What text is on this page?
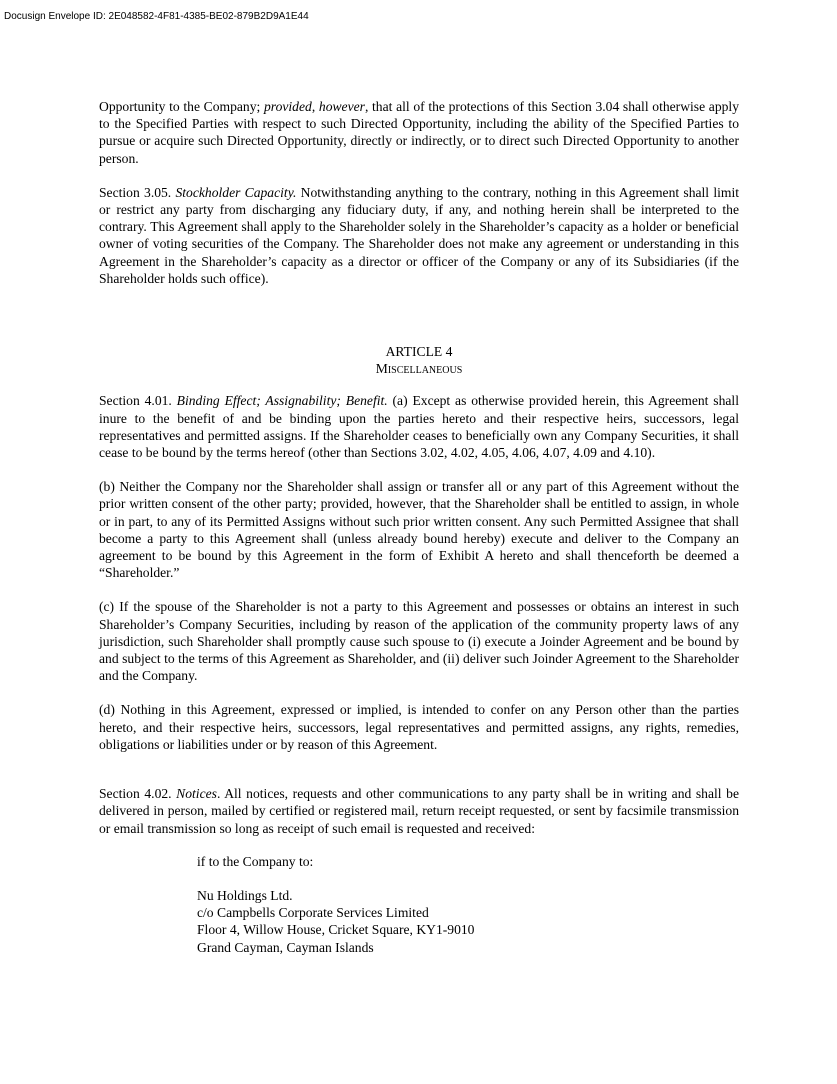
Docusign Envelope ID: 2E048582-4F81-4385-BE02-879B2D9A1E44

Opportunity to the Company; provided, however, that all of the protections of this Section 3.04 shall otherwise apply to the Specified Parties with respect to such Directed Opportunity, including the ability of the Specified Parties to pursue or acquire such Directed Opportunity, directly or indirectly, or to direct such Directed Opportunity to another person.

Section 3.05. Stockholder Capacity. Notwithstanding anything to the contrary, nothing in this Agreement shall limit or restrict any party from discharging any fiduciary duty, if any, and nothing herein shall be interpreted to the contrary. This Agreement shall apply to the Shareholder solely in the Shareholder’s capacity as a holder or beneficial owner of voting securities of the Company. The Shareholder does not make any agreement or understanding in this Agreement in the Shareholder’s capacity as a director or officer of the Company or any of its Subsidiaries (if the Shareholder holds such office).

ARTICLE 4

Miscellaneous

Section 4.01. Binding Effect; Assignability; Benefit. (a) Except as otherwise provided herein, this Agreement shall inure to the benefit of and be binding upon the parties hereto and their respective heirs, successors, legal representatives and permitted assigns. If the Shareholder ceases to beneficially own any Company Securities, it shall cease to be bound by the terms hereof (other than Sections 3.02, 4.02, 4.05, 4.06, 4.07, 4.09 and 4.10).

(b) Neither the Company nor the Shareholder shall assign or transfer all or any part of this Agreement without the prior written consent of the other party; provided, however, that the Shareholder shall be entitled to assign, in whole or in part, to any of its Permitted Assigns without such prior written consent. Any such Permitted Assignee that shall become a party to this Agreement shall (unless already bound hereby) execute and deliver to the Company an agreement to be bound by this Agreement in the form of Exhibit A hereto and shall thenceforth be deemed a “Shareholder.”

(c) If the spouse of the Shareholder is not a party to this Agreement and possesses or obtains an interest in such Shareholder’s Company Securities, including by reason of the application of the community property laws of any jurisdiction, such Shareholder shall promptly cause such spouse to (i) execute a Joinder Agreement and be bound by and subject to the terms of this Agreement as Shareholder, and (ii) deliver such Joinder Agreement to the Shareholder and the Company.

(d) Nothing in this Agreement, expressed or implied, is intended to confer on any Person other than the parties hereto, and their respective heirs, successors, legal representatives and permitted assigns, any rights, remedies, obligations or liabilities under or by reason of this Agreement.

Section 4.02. Notices. All notices, requests and other communications to any party shall be in writing and shall be delivered in person, mailed by certified or registered mail, return receipt requested, or sent by facsimile transmission or email transmission so long as receipt of such email is requested and received:

if to the Company to:

Nu Holdings Ltd.
c/o Campbells Corporate Services Limited
Floor 4, Willow House, Cricket Square, KY1-9010
Grand Cayman, Cayman Islands
